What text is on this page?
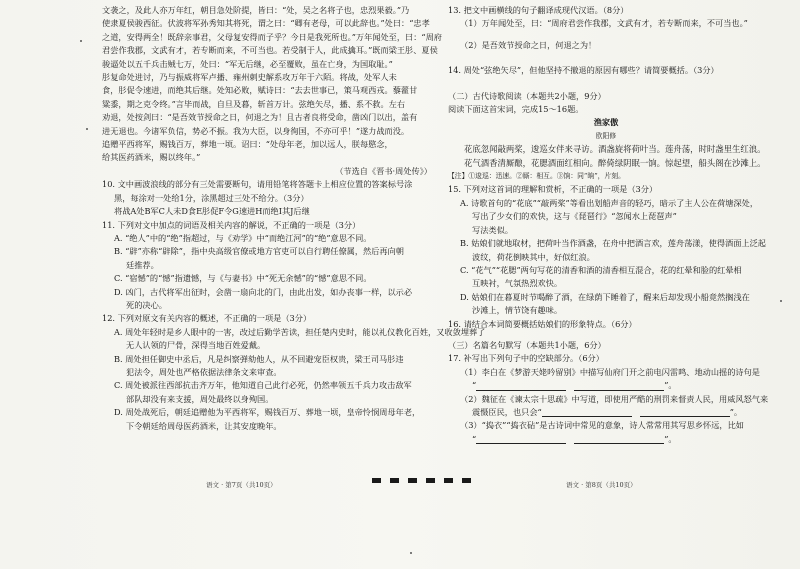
文袭之，及此人亦万年红，朝目急处阶提，皆曰：“处，吴之名将子也，忠烈果毅。”乃

使隶夏侯骏西征。伏波将军孙秀知其将死，谓之曰：“卿有老母，可以此辞也。”处曰：“忠孝

之道，安得两全！既辞亲事君，父母复安得而子乎？今日是我死所也。”万年闻处至，曰：“周府

君尝作我郡，文武有才，若专断而来，不可当也。若受制于人，此成擒耳。”既而梁王肜、夏侯

骏逼处以五千兵击贼七万，处曰：“军无后继，必至覆败，虽在亡身，为国取耻。”

肜复命处进讨，乃与振威将军卢播、雍州刺史解系攻万年于六陌。将战，处军人未

食，肜促令速进，而绝其后继。处知必败，赋诗曰：“去去世事已，策马观西戎。藜藿甘

粱黍，期之克令终。”言毕而战，自旦及暮，斩首万计。弦绝矢尽，播、系不救。左右

劝退，处按剑曰：“是吾效节授命之日，何退之为！且古者良将受命，凿凶门以出，盖有

进无退也。今诸军负信，势必不振。我为大臣，以身徇国，不亦可乎！”遂力战而没。

追赠平西将军，赐钱百万，葬地一顷。诏曰：“处母年老，加以远人，朕每愍念，

给其医药酒米，赐以终年。”

（节选自《晋书·周处传》）

10. 文中画波浪线的部分有三处需要断句，请用铅笔将答题卡上相应位置的答案标号涂

黑，每涂对一处给1分，涂黑超过三处不给分。（3分）

将战A处B军C人未D食E肜促F令G速进H而绝I其J后继

11. 下列对文中加点的词语及相关内容的解说，不正确的一项是（3分）

A. “绝人”中的“绝”指超过，与《劝学》中“而绝江河”的“绝”意思不同。

B. “辟”亦称“辟除”，指中央高级官僚或地方官吏可以自行聘任僚属，然后再向朝

廷推荐。

C. “宿憾”的“憾”指遗憾，与《与妻书》中“死无余憾”的“憾”意思不同。

D. 凶门，古代将军出征时，会凿一扇向北的门，由此出发，如办丧事一样，以示必

死的决心。

12. 下列对原文有关内容的概述，不正确的一项是（3分）

A. 周处年轻时是乡人眼中的一害，改过后勤学苦读，担任楚内史时，能以礼仪教化百姓，又收敛埋葬了

无人认领的尸骨，深得当地百姓爱戴。

B. 周处担任御史中丞后，凡是纠察弹劾他人，从不回避宠臣权贵，梁王司马肜违

犯法令，周处也严格依据法律条文来审查。

C. 周处被派往西部抗击齐万年，他知道自己此行必死，仍然率领五千兵力攻击敌军

部队却没有来支援，周处最终以身殉国。

D. 周处战死后，朝廷追赠他为平西将军，赐钱百万、葬地一顷，皇帝怜悯周母年老，

下令朝廷给周母医药酒米，让其安度晚年。

13. 把文中画横线的句子翻译成现代汉语。（8分）

（1）万年闻处至，曰：“周府君尝作我郡，文武有才，若专断而来，不可当也。”

（2）是吾效节授命之日，何退之为！

14. 周处“弦绝矢尽”，但他坚持不撤退的原因有哪些？请简要概括。（3分）

（二）古代诗歌阅读（本题共2小题，9分）

阅读下面这首宋词，完成15～16题。

渔家傲

欧阳修

花底忽闻敲两桨，逡巡女伴来寻访。酒盏旋将荷叶当。莲舟荡，时时盏里生红浪。

花气酒香清厮酿，花腮酒面红相向。醉倚绿阴眠一饷。惊起望，船头阁在沙滩上。

【注】①逡巡：迅速。②厮：相互。③饷：同“晌”，片刻。

15. 下列对这首词的理解和赏析，不正确的一项是（3分）

A. 诗歌首句的“花底”“敲两桨”等看出划船声音的轻巧，暗示了主人公在荷塘深处，

写出了少女们的欢快，这与《琵琶行》“忽闻水上琵琶声”

写法类似。

B. 姑娘们就地取材，把荷叶当作酒盏，在舟中把酒言欢，莲舟荡漾，使得酒面上泛起

波纹，荷花倒映其中，好似红浪。

C. “花气”“花腮”两句写花的清香和酒的清香相互混合，花的红晕和脸的红晕相

互映衬，气氛热烈欢快。

D. 姑娘们在暮夏时节喝醉了酒，在绿荫下睡着了，醒来后却发现小船竟然搁浅在

沙滩上，情节饶有趣味。

16. 请结合本词简要概括姑娘们的形象特点。（6分）

（三）名篇名句默写（本题共1小题，6分）

17. 补写出下列句子中的空缺部分。（6分）

（1）李白在《梦游天姥吟留别》中描写仙府门开之前电闪雷鸣、地动山摇的诗句是

“	”。

（2）魏征在《谏太宗十思疏》中写道，即使用严酷的刑罚来督责人民，用威风怒气来

震慑臣民，也只会“	”。

（3）“捣衣”“捣衣砧”是古诗词中常见的意象，诗人常常用其写思乡怀远，比如

“	”。

语文 · 第7页（共10页）	语文 · 第8页（共10页）
